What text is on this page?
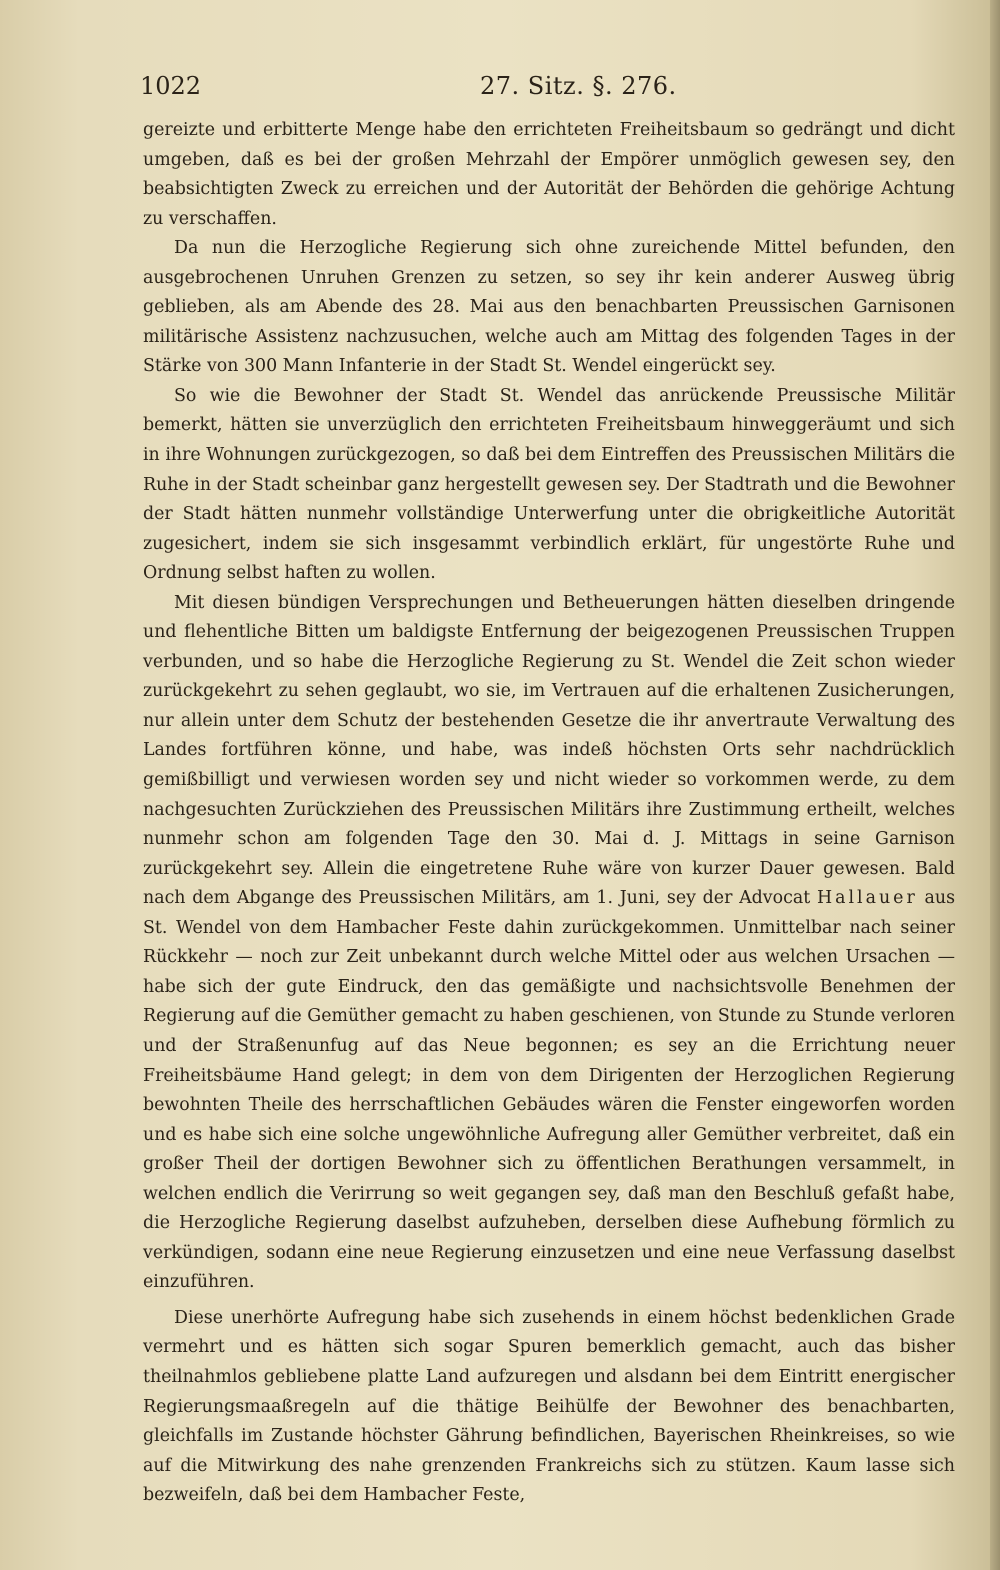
1022	27. Sitz. §. 276.

gereizte und erbitterte Menge habe den errichteten Freiheitsbaum so gedrängt und dicht umgeben, daß es bei der großen Mehrzahl der Empörer unmöglich gewesen sey, den beabsichtigten Zweck zu erreichen und der Autorität der Behörden die gehörige Achtung zu verschaffen.

Da nun die Herzogliche Regierung sich ohne zureichende Mittel befunden, den ausgebrochenen Unruhen Grenzen zu setzen, so sey ihr kein anderer Ausweg übrig geblieben, als am Abende des 28. Mai aus den benachbarten Preussischen Garnisonen militärische Assistenz nachzusuchen, welche auch am Mittag des folgenden Tages in der Stärke von 300 Mann Infanterie in der Stadt St. Wendel eingerückt sey.

So wie die Bewohner der Stadt St. Wendel das anrückende Preussische Militär bemerkt, hätten sie unverzüglich den errichteten Freiheitsbaum hinweggeräumt und sich in ihre Wohnungen zurückgezogen, so daß bei dem Eintreffen des Preussischen Militärs die Ruhe in der Stadt scheinbar ganz hergestellt gewesen sey. Der Stadtrath und die Bewohner der Stadt hätten nunmehr vollständige Unterwerfung unter die obrigkeitliche Autorität zugesichert, indem sie sich insgesammt verbindlich erklärt, für ungestörte Ruhe und Ordnung selbst haften zu wollen.

Mit diesen bündigen Versprechungen und Betheuerungen hätten dieselben dringende und flehentliche Bitten um baldigste Entfernung der beigezogenen Preussischen Truppen verbunden, und so habe die Herzogliche Regierung zu St. Wendel die Zeit schon wieder zurückgekehrt zu sehen geglaubt, wo sie, im Vertrauen auf die erhaltenen Zusicherungen, nur allein unter dem Schutz der bestehenden Gesetze die ihr anvertraute Verwaltung des Landes fortführen könne, und habe, was indeß höchsten Orts sehr nachdrücklich gemißbilligt und verwiesen worden sey und nicht wieder so vorkommen werde, zu dem nachgesuchten Zurückziehen des Preussischen Militärs ihre Zustimmung ertheilt, welches nunmehr schon am folgenden Tage den 30. Mai d. J. Mittags in seine Garnison zurückgekehrt sey. Allein die eingetretene Ruhe wäre von kurzer Dauer gewesen. Bald nach dem Abgange des Preussischen Militärs, am 1. Juni, sey der Advocat Hallauer aus St. Wendel von dem Hambacher Feste dahin zurückgekommen. Unmittelbar nach seiner Rückkehr — noch zur Zeit unbekannt durch welche Mittel oder aus welchen Ursachen — habe sich der gute Eindruck, den das gemäßigte und nachsichtsvolle Benehmen der Regierung auf die Gemüther gemacht zu haben geschienen, von Stunde zu Stunde verloren und der Straßenunfug auf das Neue begonnen; es sey an die Errichtung neuer Freiheitsbäume Hand gelegt; in dem von dem Dirigenten der Herzoglichen Regierung bewohnten Theile des herrschaftlichen Gebäudes wären die Fenster eingeworfen worden und es habe sich eine solche ungewöhnliche Aufregung aller Gemüther verbreitet, daß ein großer Theil der dortigen Bewohner sich zu öffentlichen Berathungen versammelt, in welchen endlich die Verirrung so weit gegangen sey, daß man den Beschluß gefaßt habe, die Herzogliche Regierung daselbst aufzuheben, derselben diese Aufhebung förmlich zu verkündigen, sodann eine neue Regierung einzusetzen und eine neue Verfassung daselbst einzuführen.

Diese unerhörte Aufregung habe sich zusehends in einem höchst bedenklichen Grade vermehrt und es hätten sich sogar Spuren bemerklich gemacht, auch das bisher theilnahmlos gebliebene platte Land aufzuregen und alsdann bei dem Eintritt energischer Regierungsmaaßregeln auf die thätige Beihülfe der Bewohner des benachbarten, gleichfalls im Zustande höchster Gährung befindlichen, Bayerischen Rheinkreises, so wie auf die Mitwirkung des nahe grenzenden Frankreichs sich zu stützen. Kaum lasse sich bezweifeln, daß bei dem Hambacher Feste,
